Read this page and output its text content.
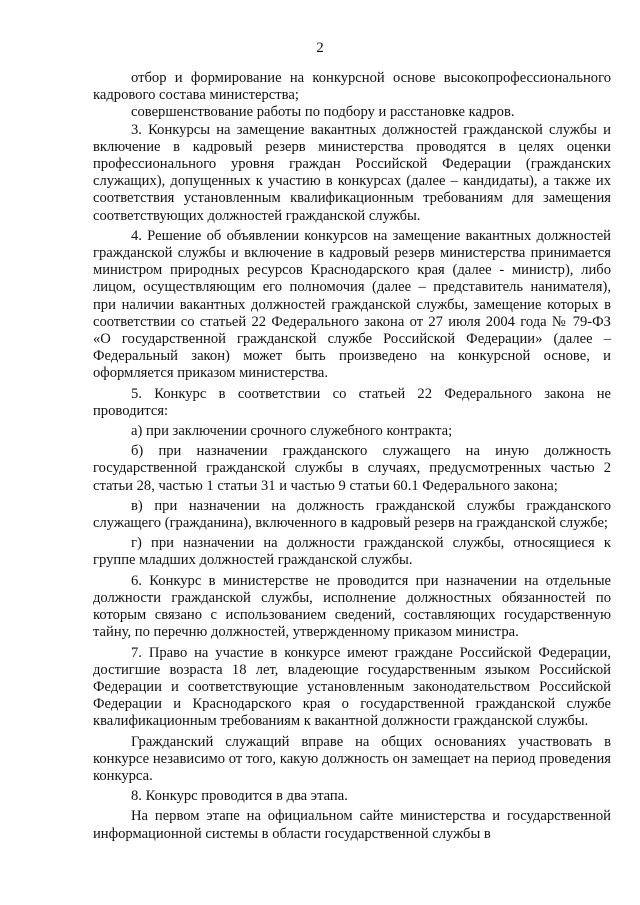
2

отбор и формирование на конкурсной основе высокопрофессионального кадрового состава министерства;

совершенствование работы по подбору и расстановке кадров.

3. Конкурсы на замещение вакантных должностей гражданской службы и включение в кадровый резерв министерства проводятся в целях оценки профессионального уровня граждан Российской Федерации (гражданских служащих), допущенных к участию в конкурсах (далее – кандидаты), а также их соответствия установленным квалификационным требованиям для замещения соответствующих должностей гражданской службы.

4. Решение об объявлении конкурсов на замещение вакантных должностей гражданской службы и включение в кадровый резерв министерства принимается министром природных ресурсов Краснодарского края (далее - министр), либо лицом, осуществляющим его полномочия (далее – представитель нанимателя), при наличии вакантных должностей гражданской службы, замещение которых в соответствии со статьей 22 Федерального закона от 27 июля 2004 года № 79-ФЗ «О государственной гражданской службе Российской Федерации» (далее – Федеральный закон) может быть произведено на конкурсной основе, и оформляется приказом министерства.

5. Конкурс в соответствии со статьей 22 Федерального закона не проводится:

а) при заключении срочного служебного контракта;

б) при назначении гражданского служащего на иную должность государственной гражданской службы в случаях, предусмотренных частью 2 статьи 28, частью 1 статьи 31 и частью 9 статьи 60.1 Федерального закона;

в) при назначении на должность гражданской службы гражданского служащего (гражданина), включенного в кадровый резерв на гражданской службе;

г) при назначении на должности гражданской службы, относящиеся к группе младших должностей гражданской службы.

6. Конкурс в министерстве не проводится при назначении на отдельные должности гражданской службы, исполнение должностных обязанностей по которым связано с использованием сведений, составляющих государственную тайну, по перечню должностей, утвержденному приказом министра.

7. Право на участие в конкурсе имеют граждане Российской Федерации, достигшие возраста 18 лет, владеющие государственным языком Российской Федерации и соответствующие установленным законодательством Российской Федерации и Краснодарского края о государственной гражданской службе квалификационным требованиям к вакантной должности гражданской службы.

Гражданский служащий вправе на общих основаниях участвовать в конкурсе независимо от того, какую должность он замещает на период проведения конкурса.

8. Конкурс проводится в два этапа.

На первом этапе на официальном сайте министерства и государственной информационной системы в области государственной службы в
